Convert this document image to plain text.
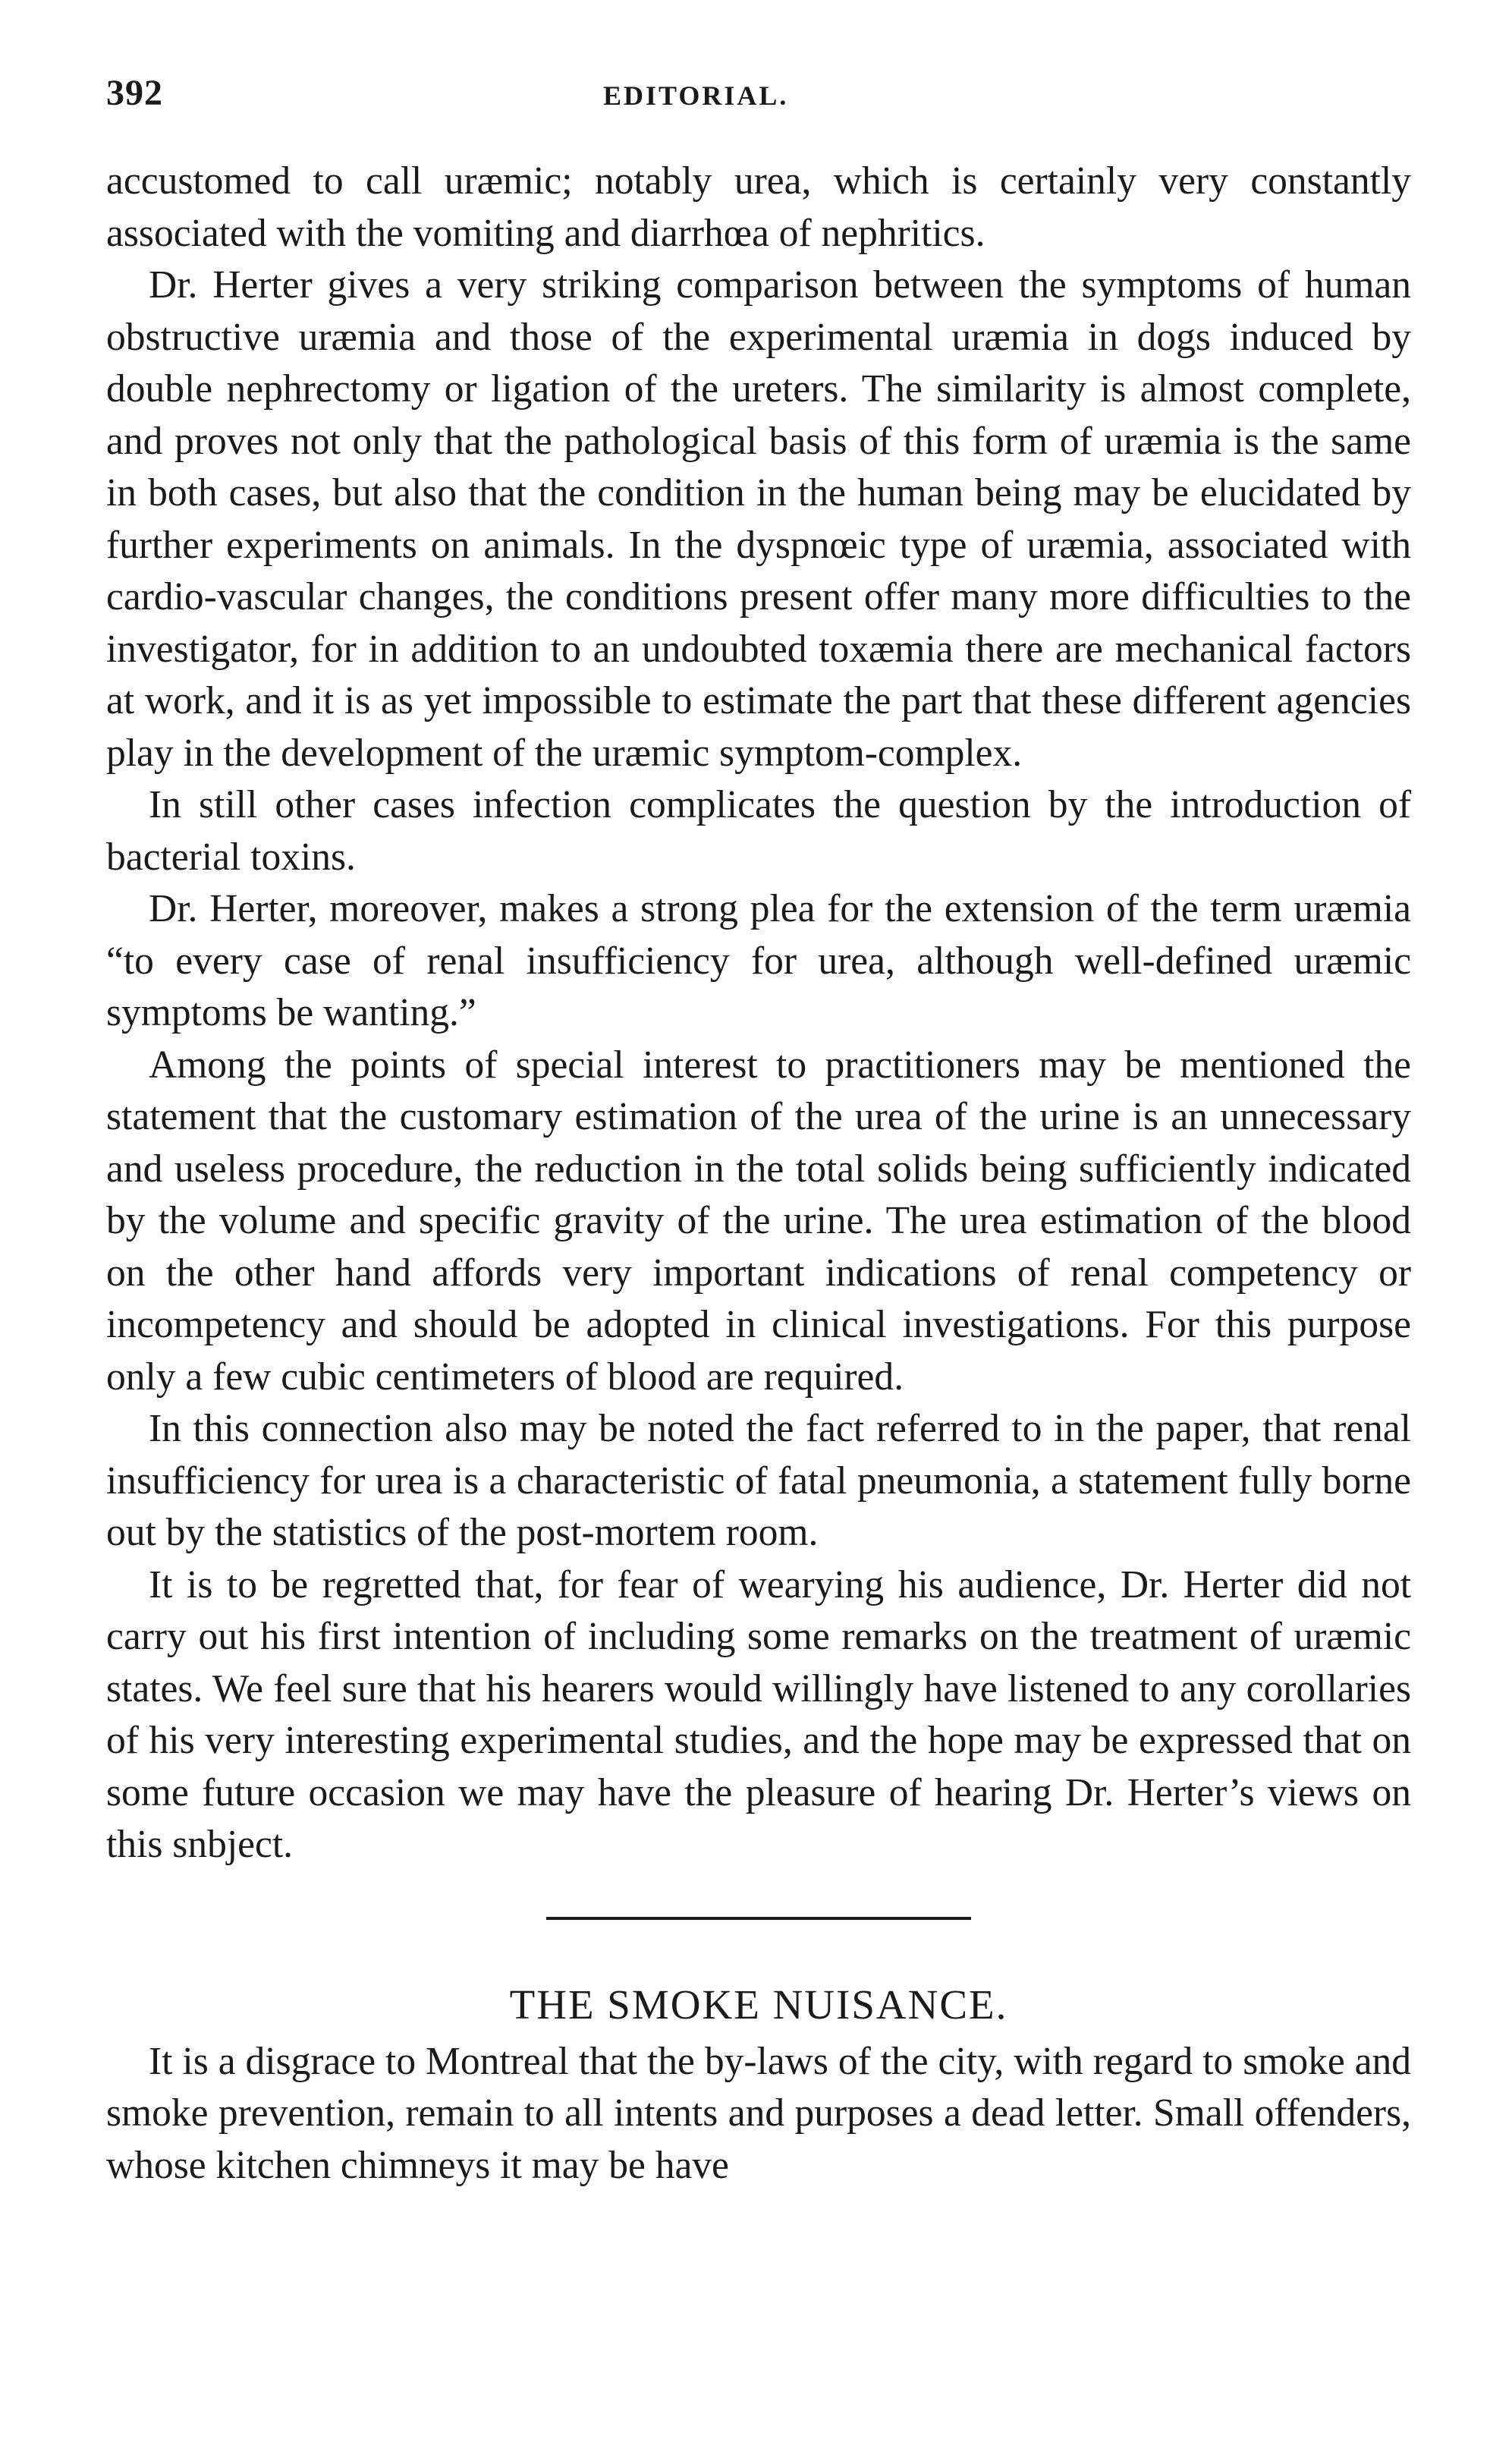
392	EDITORIAL.

accustomed to call uræmic; notably urea, which is certainly very constantly associated with the vomiting and diarrhœa of nephritics.

Dr. Herter gives a very striking comparison between the symptoms of human obstructive uræmia and those of the experimental uræmia in dogs induced by double nephrectomy or ligation of the ureters. The similarity is almost complete, and proves not only that the pathological basis of this form of uræmia is the same in both cases, but also that the condition in the human being may be elucidated by further experiments on animals. In the dyspnœic type of uræmia, associated with cardio-vascular changes, the conditions present offer many more difficulties to the investigator, for in addition to an undoubted toxæmia there are mechanical factors at work, and it is as yet impossible to estimate the part that these different agencies play in the development of the uræmic symptom-complex.

In still other cases infection complicates the question by the introduction of bacterial toxins.

Dr. Herter, moreover, makes a strong plea for the extension of the term uræmia “to every case of renal insufficiency for urea, although well-defined uræmic symptoms be wanting.”

Among the points of special interest to practitioners may be mentioned the statement that the customary estimation of the urea of the urine is an unnecessary and useless procedure, the reduction in the total solids being sufficiently indicated by the volume and specific gravity of the urine. The urea estimation of the blood on the other hand affords very important indications of renal competency or incompetency and should be adopted in clinical investigations. For this purpose only a few cubic centimeters of blood are required.

In this connection also may be noted the fact referred to in the paper, that renal insufficiency for urea is a characteristic of fatal pneumonia, a statement fully borne out by the statistics of the post-mortem room.

It is to be regretted that, for fear of wearying his audience, Dr. Herter did not carry out his first intention of including some remarks on the treatment of uræmic states. We feel sure that his hearers would willingly have listened to any corollaries of his very interesting experimental studies, and the hope may be expressed that on some future occasion we may have the pleasure of hearing Dr. Herter’s views on this snbject.

THE SMOKE NUISANCE.

It is a disgrace to Montreal that the by-laws of the city, with regard to smoke and smoke prevention, remain to all intents and purposes a dead letter. Small offenders, whose kitchen chimneys it may be have
